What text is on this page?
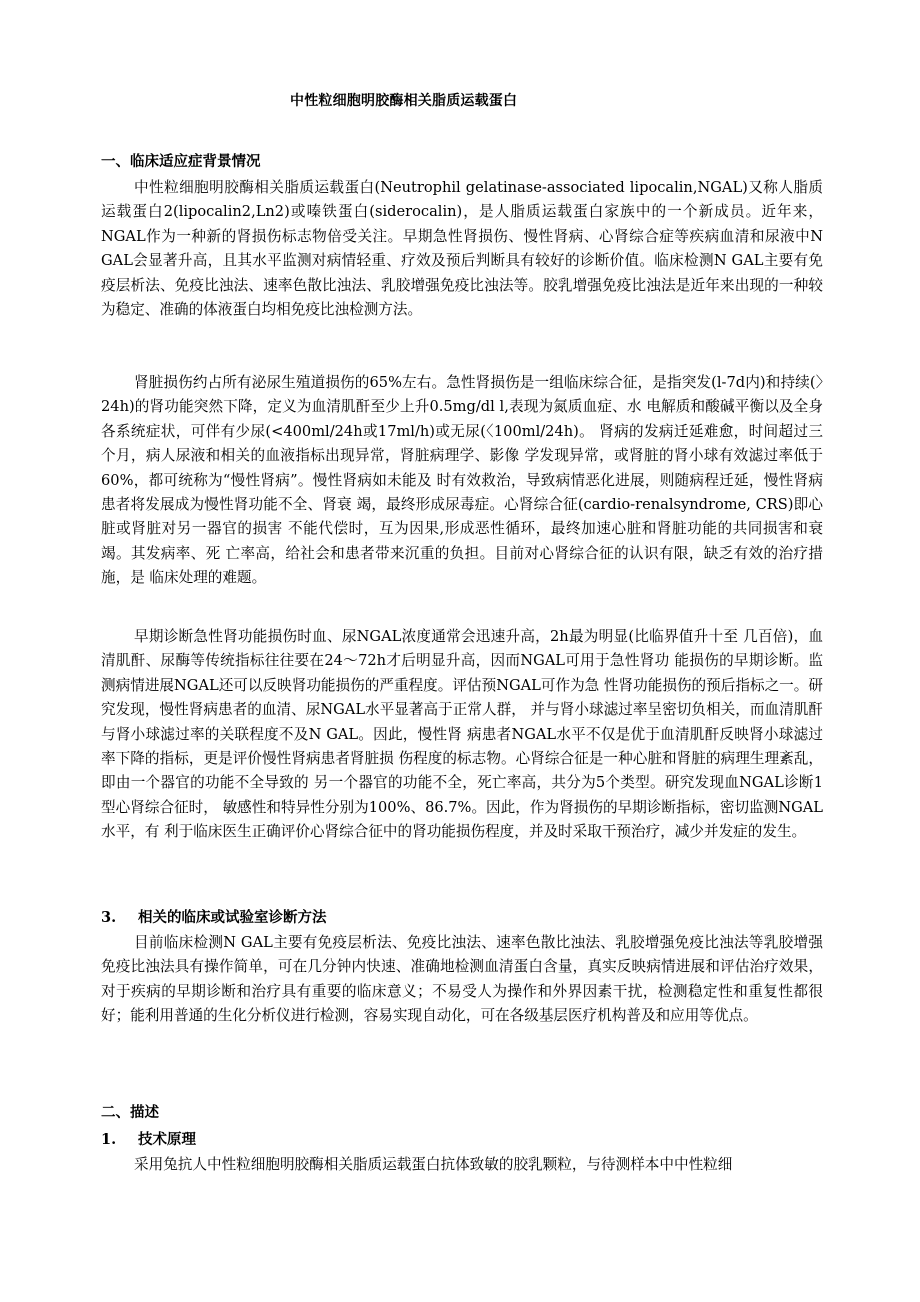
中性粒细胞明胶酶相关脂质运载蛋白
一、临床适应症背景情况
中性粒细胞明胶酶相关脂质运载蛋白(Neutrophil gelatinase-associated lipocalin,NGAL)又称人脂质运载蛋白2(lipocalin2,Ln2)或嗪铁蛋白(siderocalin)，是人脂质运载蛋白家族中的一个新成员。近年来，NGAL作为一种新的肾损伤标志物倍受关注。早期急性肾损伤、慢性肾病、心肾综合症等疾病血清和尿液中N GAL会显著升高，且其水平监测对病情轻重、疗效及预后判断具有较好的诊断价值。临床检测N GAL主要有免疫层析法、免疫比浊法、速率色散比浊法、乳胶增强免疫比浊法等。胶乳增强免疫比浊法是近年来出现的一种较为稳定、准确的体液蛋白均相免疫比浊检测方法。
肾脏损伤约占所有泌尿生殖道损伤的65%左右。急性肾损伤是一组临床综合征，是指突发(l-7d内)和持续(〉24h)的肾功能突然下降，定义为血清肌酐至少上升0.5mg/dl l,表现为氮质血症、水 电解质和酸碱平衡以及全身各系统症状，可伴有少尿(<400ml/24h或17ml/h)或无尿(〈100ml/24h)。 肾病的发病迁延难愈，时间超过三个月，病人尿液和相关的血液指标出现异常，肾脏病理学、影像 学发现异常，或肾脏的肾小球有效滤过率低于60%，都可统称为“慢性肾病”。慢性肾病如未能及 时有效救治，导致病情恶化进展，则随病程迁延，慢性肾病患者将发展成为慢性肾功能不全、肾衰 竭，最终形成尿毒症。心肾综合征(cardio-renalsyndrome, CRS)即心脏或肾脏对另一器官的损害 不能代偿时，互为因果,形成恶性循环，最终加速心脏和肾脏功能的共同损害和衰竭。其发病率、死 亡率高，给社会和患者带来沉重的负担。目前对心肾综合征的认识有限，缺乏有效的治疗措施，是 临床处理的难题。
早期诊断急性肾功能损伤时血、尿NGAL浓度通常会迅速升高，2h最为明显(比临界值升十至 几百倍)，血清肌酐、尿酶等传统指标往往要在24〜72h才后明显升高，因而NGAL可用于急性肾功 能损伤的早期诊断。监测病情进展NGAL还可以反映肾功能损伤的严重程度。评估预NGAL可作为急 性肾功能损伤的预后指标之一。研究发现，慢性肾病患者的血清、尿NGAL水平显著高于正常人群， 并与肾小球滤过率呈密切负相关，而血清肌酐与肾小球滤过率的关联程度不及N GAL。因此，慢性肾 病患者NGAL水平不仅是优于血清肌酐反映肾小球滤过率下降的指标，更是评价慢性肾病患者肾脏损 伤程度的标志物。心肾综合征是一种心脏和肾脏的病理生理紊乱，即由一个器官的功能不全导致的 另一个器官的功能不全，死亡率高，共分为5个类型。研究发现血NGAL诊断1型心肾综合征时， 敏感性和特异性分别为100%、86.7%。因此，作为肾损伤的早期诊断指标，密切监测NGAL水平，有 利于临床医生正确评价心肾综合征中的肾功能损伤程度，并及时采取干预治疗，减少并发症的发生。
3. 相关的临床或试验室诊断方法
目前临床检测N GAL主要有免疫层析法、免疫比浊法、速率色散比浊法、乳胶增强免疫比浊法等乳胶增强免疫比浊法具有操作简单，可在几分钟内快速、准确地检测血清蛋白含量，真实反映病情进展和评估治疗效果，对于疾病的早期诊断和治疗具有重要的临床意义；不易受人为操作和外界因素干扰，检测稳定性和重复性都很好；能利用普通的生化分析仪进行检测，容易实现自动化，可在各级基层医疗机构普及和应用等优点。
二、描述
1. 技术原理
采用兔抗人中性粒细胞明胶酶相关脂质运载蛋白抗体致敏的胶乳颗粒，与待测样本中中性粒细
